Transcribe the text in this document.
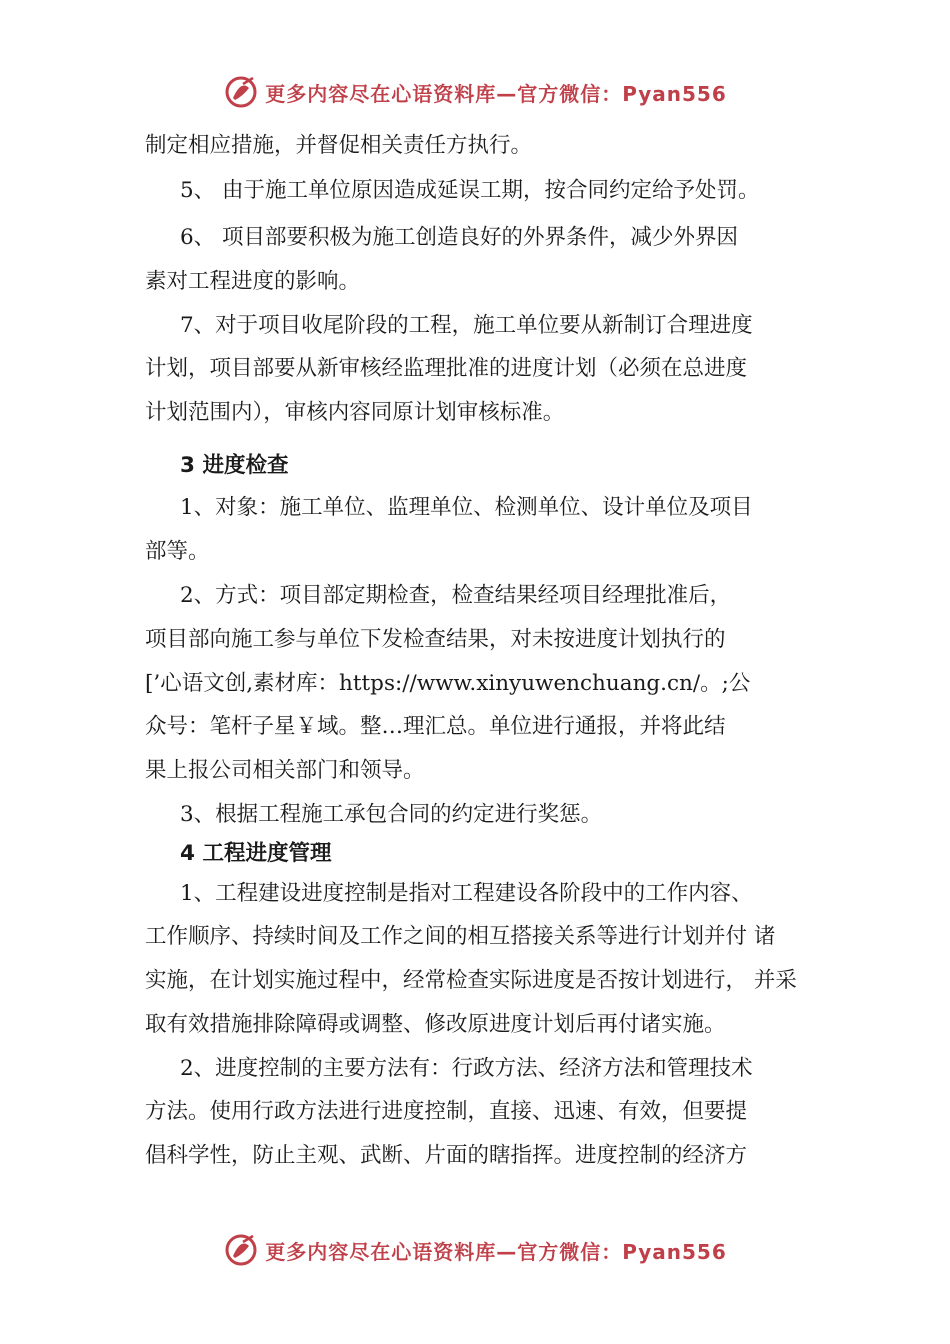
更多内容尽在心语资料库—官方微信：Pyan556
制定相应措施，并督促相关责任方执行。
5、 由于施工单位原因造成延误工期，按合同约定给予处罚。
6、 项目部要积极为施工创造良好的外界条件，减少外界因
素对工程进度的影响。
7、对于项目收尾阶段的工程，施工单位要从新制订合理进度
计划，项目部要从新审核经监理批准的进度计划（必须在总进度
计划范围内），审核内容同原计划审核标准。
3 进度检查
1、对象：施工单位、监理单位、检测单位、设计单位及项目
部等。
2、方式：项目部定期检查，检查结果经项目经理批准后，
项目部向施工参与单位下发检查结果，对未按进度计划执行的
[’心语文创,素材库：https://www.xinyuwenchuang.cn/。;公
众号：笔杆子星￥域。整…理汇总。单位进行通报，并将此结
果上报公司相关部门和领导。
3、根据工程施工承包合同的约定进行奖惩。
4 工程进度管理
1、工程建设进度控制是指对工程建设各阶段中的工作内容、
工作顺序、持续时间及工作之间的相互搭接关系等进行计划并付 诸
实施，在计划实施过程中，经常检查实际进度是否按计划进行， 并采
取有效措施排除障碍或调整、修改原进度计划后再付诸实施。
2、进度控制的主要方法有：行政方法、经济方法和管理技术
方法。使用行政方法进行进度控制，直接、迅速、有效，但要提
倡科学性，防止主观、武断、片面的瞎指挥。进度控制的经济方
更多内容尽在心语资料库—官方微信：Pyan556
